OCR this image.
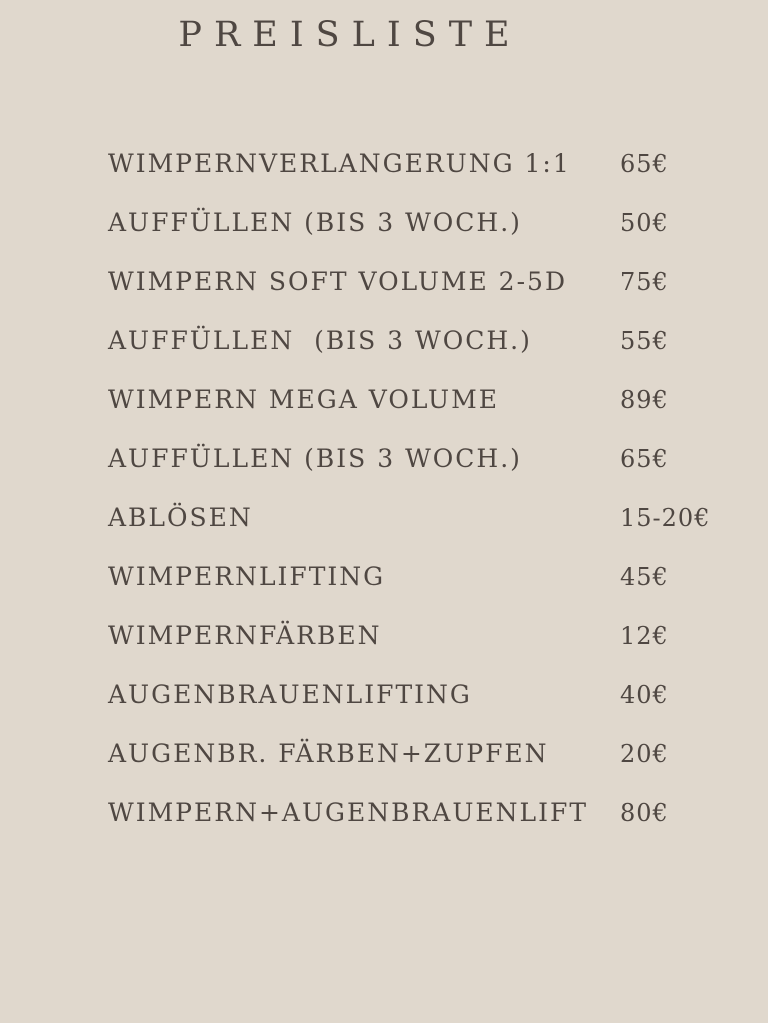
PREISLISTE
WIMPERNVERLANGERUNG 1:1 65€
AUFFÜLLEN (BIS 3 WOCH.)	50€
WIMPERN SOFT VOLUME 2-5D 75€
AUFFÜLLEN  (BIS 3 WOCH.)	55€
WIMPERN MEGA VOLUME	89€
AUFFÜLLEN (BIS 3 WOCH.)	65€
ABLÖSEN	15-20€
WIMPERNLIFTING	45€
WIMPERNFÄRBEN	12€
AUGENBRAUENLIFTING	40€
AUGENBR. FÄRBEN+ZUPFEN	20€
WIMPERN+AUGENBRAUENLIFT 80€
